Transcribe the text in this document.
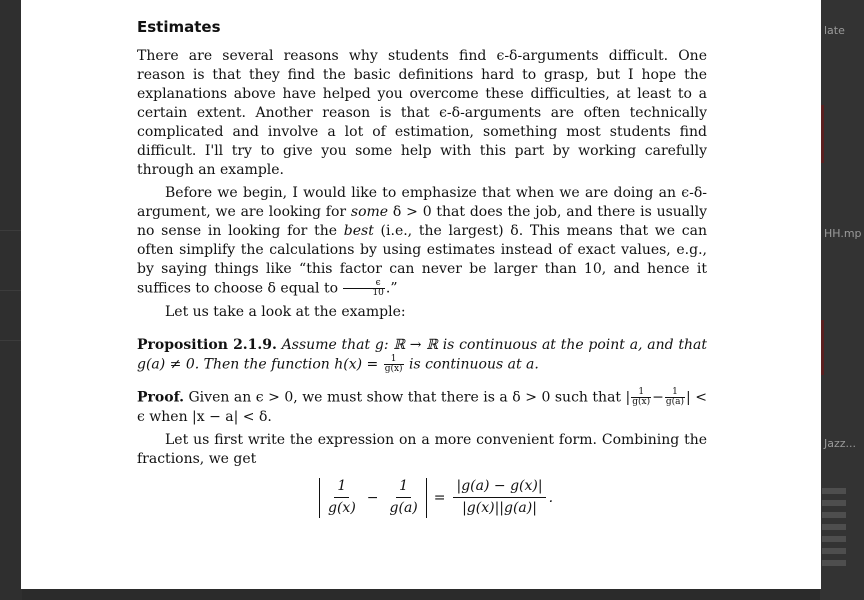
late
HH.mp
Jazz...
Estimates

There are several reasons why students find ϵ-δ-arguments difficult. One reason is that they find the basic definitions hard to grasp, but I hope the explanations above have helped you overcome these difficulties, at least to a certain extent. Another reason is that ϵ-δ-arguments are often technically complicated and involve a lot of estimation, something most students find difficult. I'll try to give you some help with this part by working carefully through an example.

Before we begin, I would like to emphasize that when we are doing an ϵ-δ-argument, we are looking for some δ > 0 that does the job, and there is usually no sense in looking for the best (i.e., the largest) δ. This means that we can often simplify the calculations by using estimates instead of exact values, e.g., by saying things like “this factor can never be larger than 10, and hence it suffices to choose δ equal to $\frac{\epsilon}{10}$ .”

Let us take a look at the example:

Proposition 2.1.9. Assume that g: ℝ → ℝ is continuous at the point a, and that g(a) ≠ 0. Then the function $h(x) = \frac{1}{g(x)}$ is continuous at a.

Proof. Given an ϵ > 0, we must show that there is a δ > 0 such that | $\frac{1}{g(x)} - \frac{1}{g(a)}$ | < ϵ when |x − a| < δ.

Let us first write the expression on a more convenient form. Combining the fractions, we get

1
g(x)
− $\frac{1}{g(a)} = \frac{|g(a) - g(x)|}{|g(x)||g(a)|}$ .
